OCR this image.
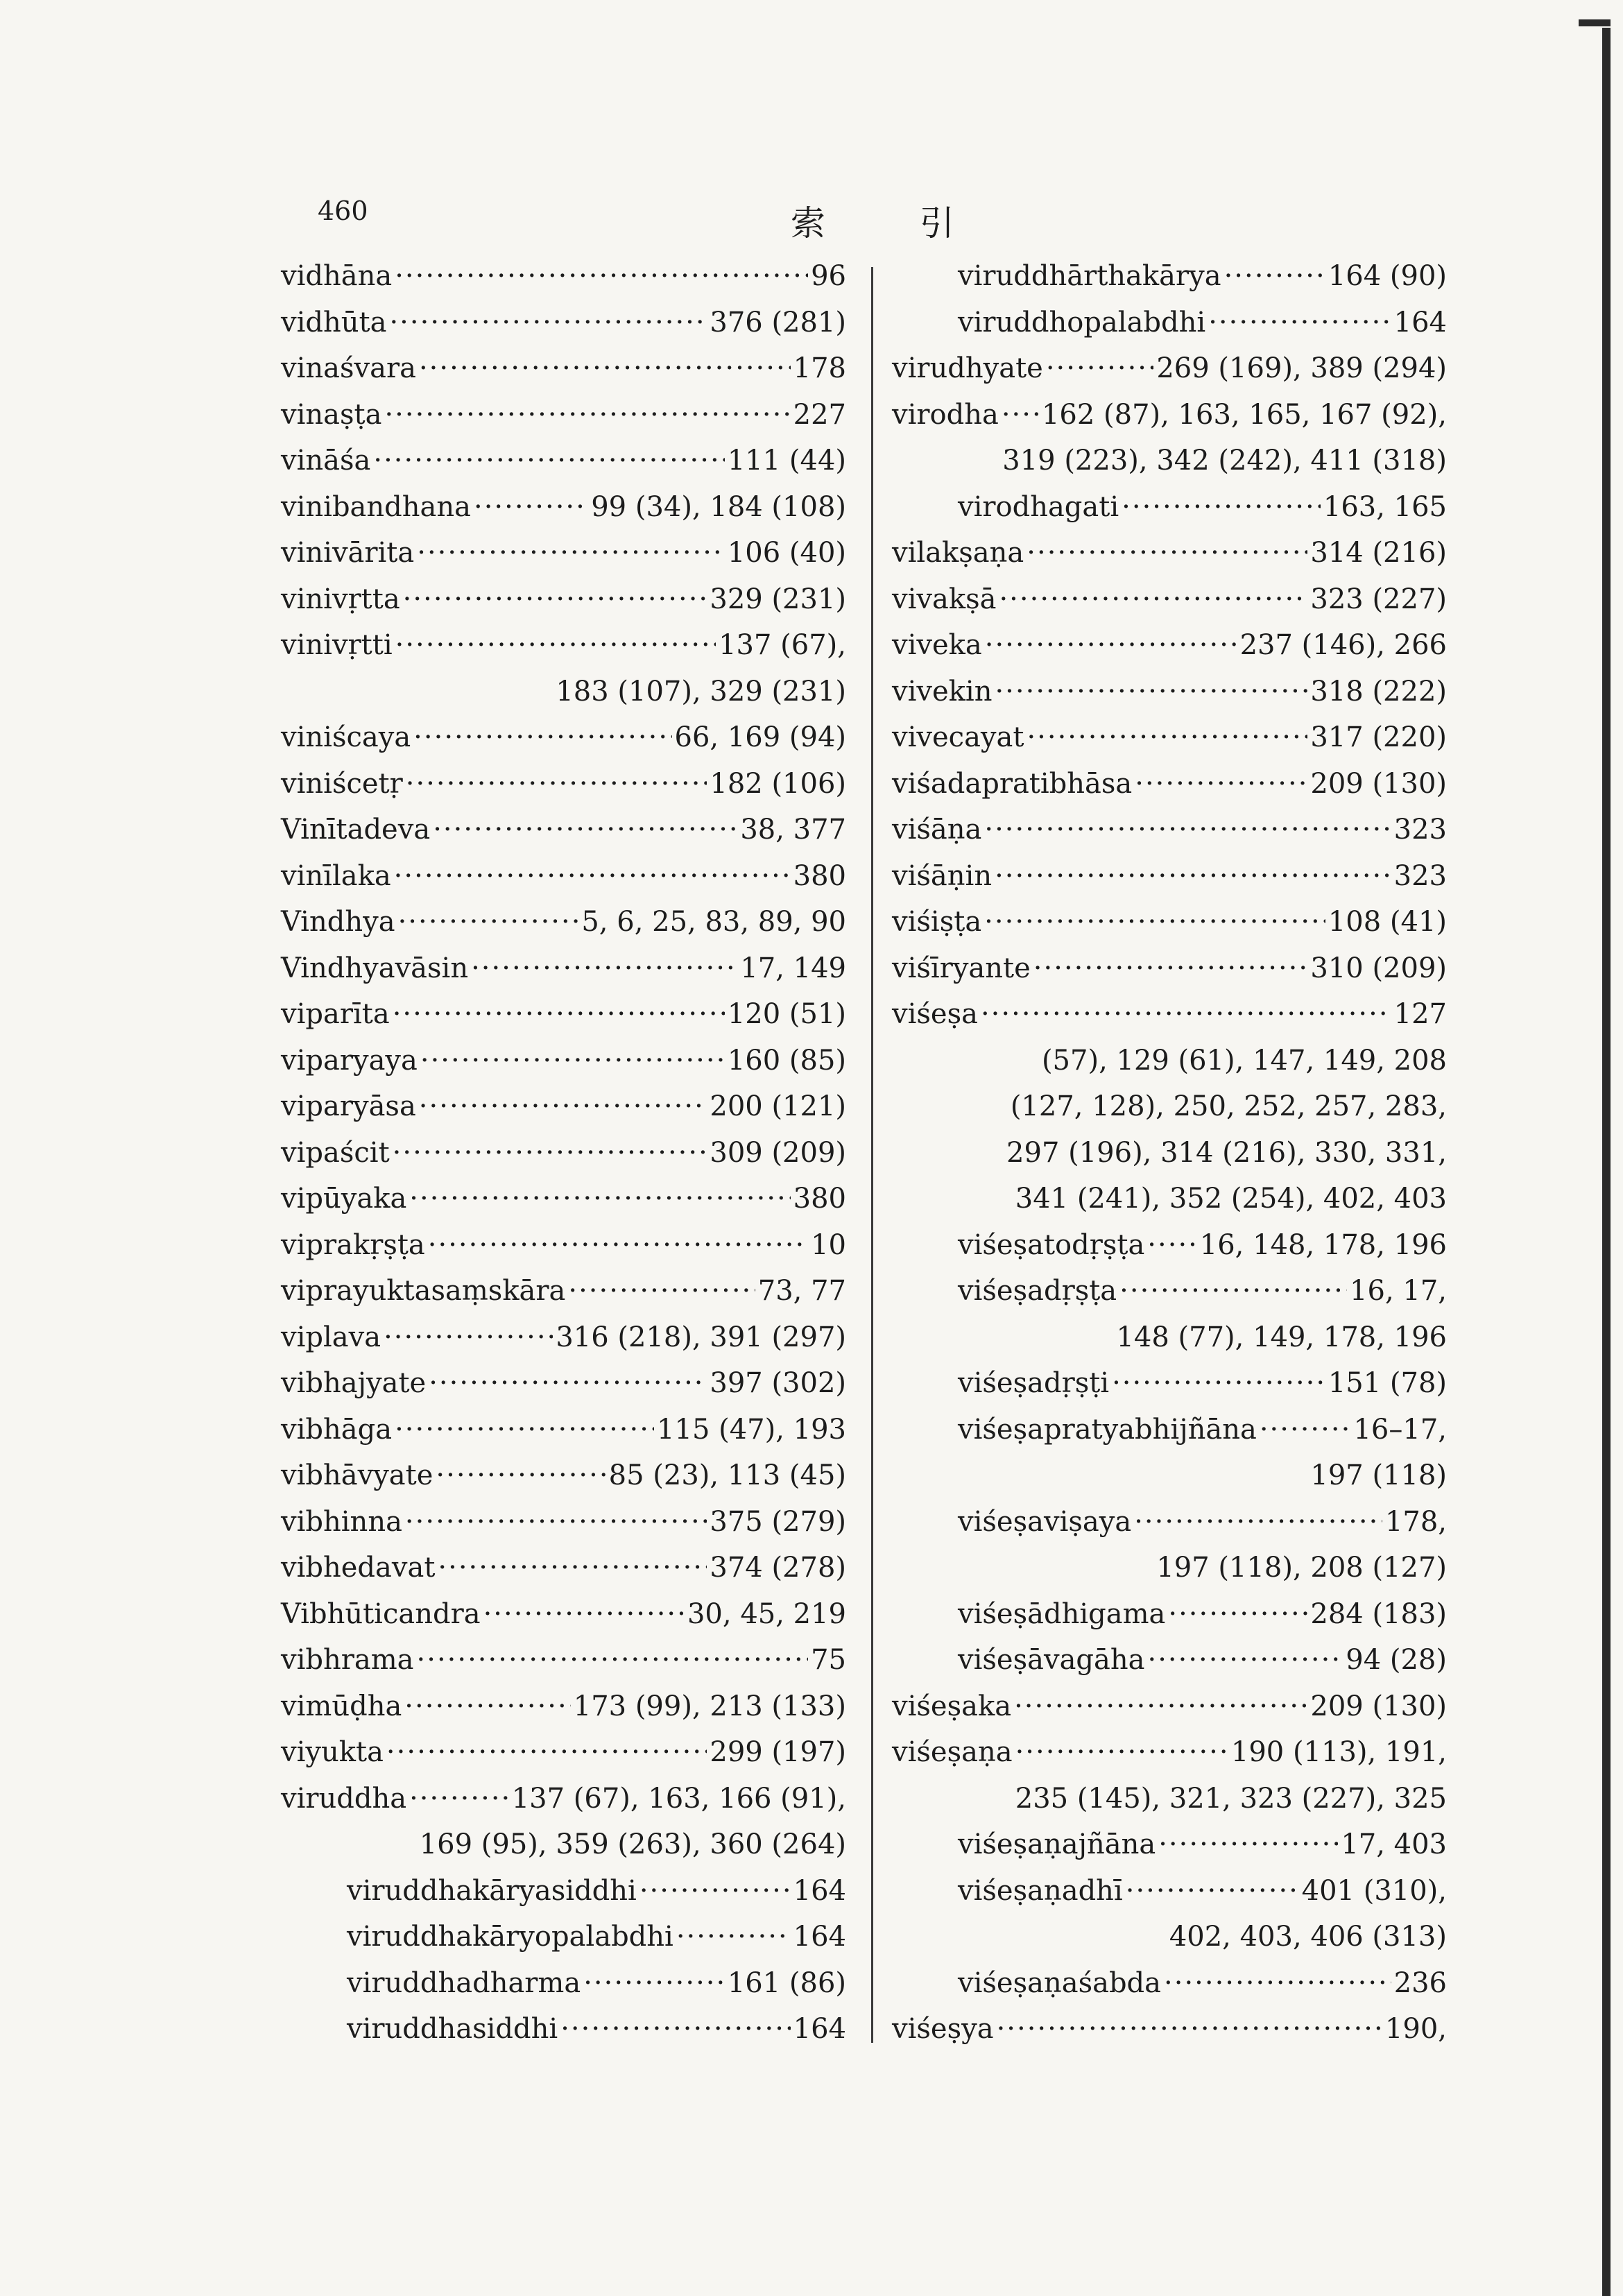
460	索 引
vidhāna ·····	96
vidhūta ·····	376 (281)
vinaśvara ·····	178
vinaṣṭa ·····	227
vināśa ·····	111 (44)
vinibandhana ·····	99 (34), 184 (108)
vinivārita ·····	106 (40)
vinivṛtta ·····	329 (231)
vinivṛtti ·····	137 (67),
183 (107), 329 (231)
viniścaya ·····	66, 169 (94)
viniścetṛ ·····	182 (106)
Vinītadeva ·····	38, 377
vinīlaka ·····	380
Vindhya ·····	5, 6, 25, 83, 89, 90
Vindhyavāsin ·····	17, 149
viparīta ·····	120 (51)
viparyaya ·····	160 (85)
viparyāsa ·····	200 (121)
vipaścit ·····	309 (209)
vipūyaka ·····	380
viprakṛṣṭa ·····	10
viprayuktasaṃskāra ·····	73, 77
viplava ·····	316 (218), 391 (297)
vibhajyate ·····	397 (302)
vibhāga ·····	115 (47), 193
vibhāvyate ·····	85 (23), 113 (45)
vibhinna ·····	375 (279)
vibhedavat ·····	374 (278)
Vibhūticandra ·····	30, 45, 219
vibhrama ·····	75
vimūḍha ·····	173 (99), 213 (133)
viyukta ·····	299 (197)
viruddha ·····	137 (67), 163, 166 (91),
169 (95), 359 (263), 360 (264)
viruddhakāryasiddhi ·····	164
viruddhakāryopalabdhi ·····	164
viruddhadharma ·····	161 (86)
viruddhasiddhi ·····	164
viruddhārthakārya ·····	164 (90)
viruddhopalabdhi ·····	164
virudhyate ·····	269 (169), 389 (294)
virodha ····· 162 (87), 163, 165, 167 (92),
319 (223), 342 (242), 411 (318)
virodhagati ·····	163, 165
vilakṣaṇa ·····	314 (216)
vivakṣā ·····	323 (227)
viveka ·····	237 (146), 266
vivekin ·····	318 (222)
vivecayat ·····	317 (220)
viśadapratibhāsa ·····	209 (130)
viśāṇa ·····	323
viśāṇin ·····	323
viśiṣṭa ·····	108 (41)
viśīryante ·····	310 (209)
viśeṣa ·····	127
(57), 129 (61), 147, 149, 208
(127, 128), 250, 252, 257, 283,
297 (196), 314 (216), 330, 331,
341 (241), 352 (254), 402, 403
viśeṣatodṛṣṭa ····· 16, 148, 178, 196
viśeṣadṛṣṭa ·····	16, 17,
148 (77), 149, 178, 196
viśeṣadṛṣṭi ·····	151 (78)
viśeṣapratyabhijñāna ·····	16–17,
197 (118)
viśeṣaviṣaya ·····	178,
197 (118), 208 (127)
viśeṣādhigama ·····	284 (183)
viśeṣāvagāha ·····	94 (28)
viśeṣaka ·····	209 (130)
viśeṣaṇa ·····	190 (113), 191,
235 (145), 321, 323 (227), 325
viśeṣaṇajñāna ·····	17, 403
viśeṣaṇadhī ·····	401 (310),
402, 403, 406 (313)
viśeṣaṇaśabda ·····	236
viśeṣya ·····	190,
